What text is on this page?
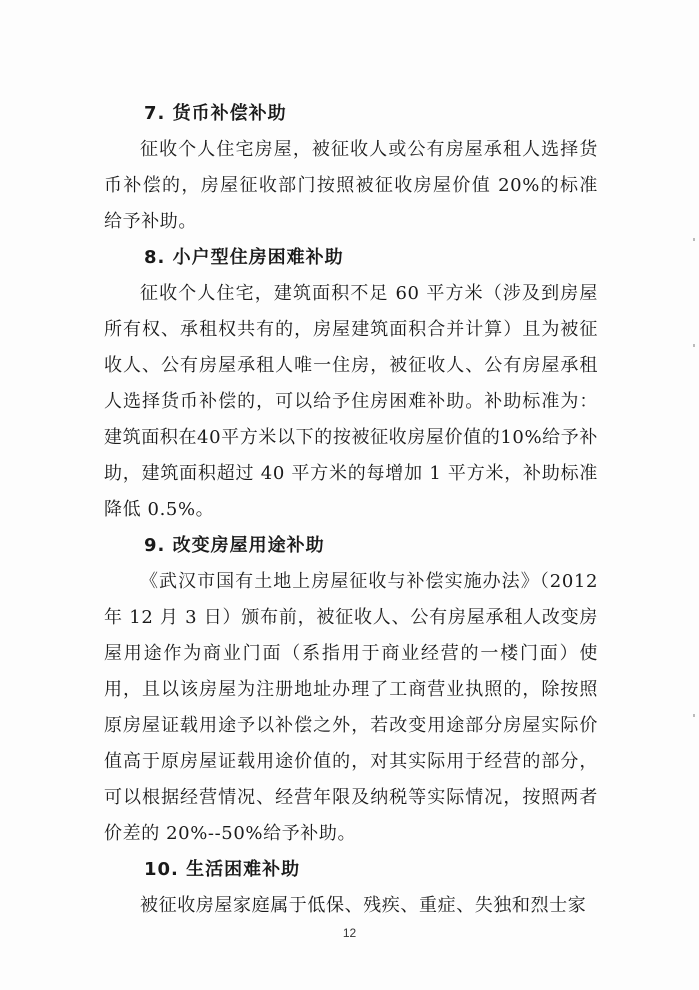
7. 货币补偿补助

征收个人住宅房屋，被征收人或公有房屋承租人选择货币补偿的，房屋征收部门按照被征收房屋价值 20%的标准给予补助。

8. 小户型住房困难补助

征收个人住宅，建筑面积不足 60 平方米（涉及到房屋所有权、承租权共有的，房屋建筑面积合并计算）且为被征收人、公有房屋承租人唯一住房，被征收人、公有房屋承租人选择货币补偿的，可以给予住房困难补助。补助标准为：建筑面积在40平方米以下的按被征收房屋价值的10%给予补助，建筑面积超过 40 平方米的每增加 1 平方米，补助标准降低 0.5%。

9. 改变房屋用途补助

《武汉市国有土地上房屋征收与补偿实施办法》（2012 年 12 月 3 日）颁布前，被征收人、公有房屋承租人改变房屋用途作为商业门面（系指用于商业经营的一楼门面）使用，且以该房屋为注册地址办理了工商营业执照的，除按照原房屋证载用途予以补偿之外，若改变用途部分房屋实际价值高于原房屋证载用途价值的，对其实际用于经营的部分，可以根据经营情况、经营年限及纳税等实际情况，按照两者价差的 20%--50%给予补助。

10. 生活困难补助

被征收房屋家庭属于低保、残疾、重症、失独和烈士家

12
